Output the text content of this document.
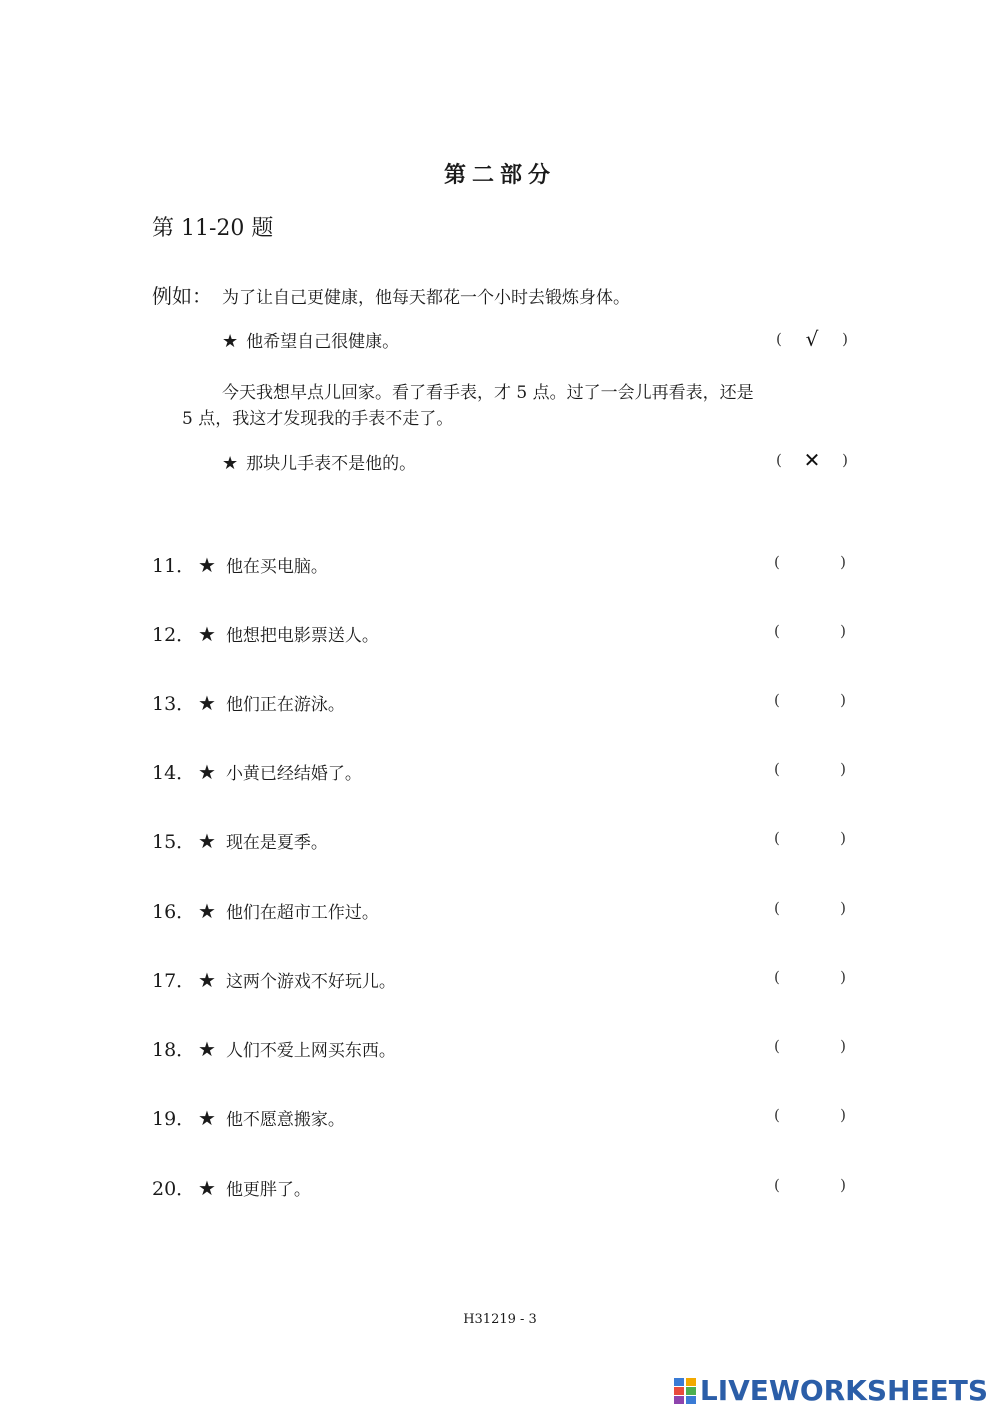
第二部分
第 11-20 题
例如： 为了让自己更健康，他每天都花一个小时去锻炼身体。
★ 他希望自己很健康。	( √ )
今天我想早点儿回家。看了看手表，才 5 点。过了一会儿再看表，还是
5 点，我这才发现我的手表不走了。
★ 那块儿手表不是他的。	( ✕ )
11． ★ 他在买电脑。	(	)
12． ★ 他想把电影票送人。	(	)
13． ★ 他们正在游泳。	(	)
14． ★ 小黄已经结婚了。	(	)
15． ★ 现在是夏季。	(	)
16． ★ 他们在超市工作过。	(	)
17． ★ 这两个游戏不好玩儿。	(	)
18． ★ 人们不爱上网买东西。	(	)
19． ★ 他不愿意搬家。	(	)
20． ★ 他更胖了。	(	)
H31219 - 3
LIVEWORKSHEETS
